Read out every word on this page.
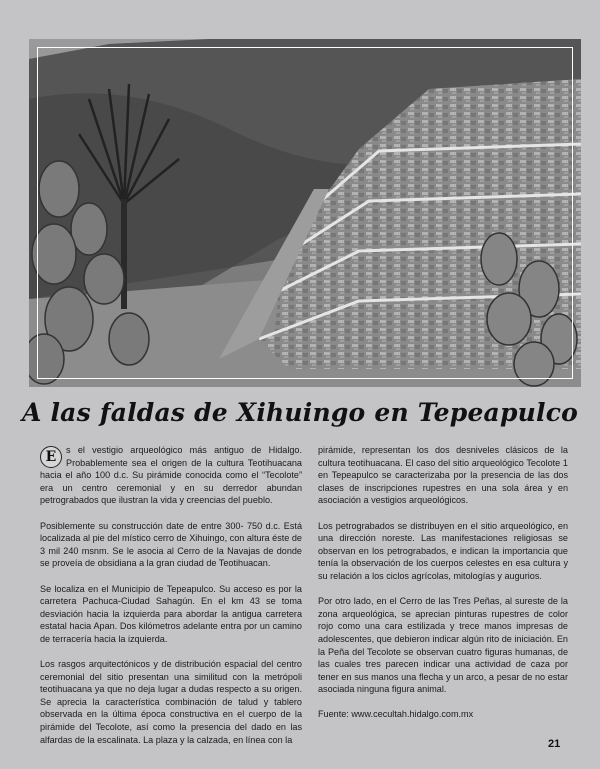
A las faldas de Xihuingo en Tepeapulco

E	s el vestigio arqueológico más antiguo de Hidalgo. Probablemente sea el origen de la cultura Teotihuacana hacia el año 100 d.c. Su pirámide conocida como el “Tecolote” era un centro ceremonial y en su derredor abundan petrograbados que ilustran la vida y creencias del pueblo.

Posiblemente su construcción date de entre 300- 750 d.c. Está localizada al pie del místico cerro de Xihuingo, con altura éste de 3 mil 240 msnm. Se le asocia al Cerro de la Navajas de donde se proveía de obsidiana a la gran ciudad de Teotihuacan.

Se localiza en el Municipio de Tepeapulco. Su acceso es por la carretera Pachuca-Ciudad Sahagún. En el km 43 se toma desviación hacia la izquierda para abordar la antigua carretera estatal hacia Apan. Dos kilómetros adelante entra por un camino de terracería hacia la izquierda.

Los rasgos arquitectónicos y de distribución espacial del centro ceremonial del sitio presentan una similitud con la metrópoli teotihuacana ya que no deja lugar a dudas respecto a su origen. Se aprecia la característica combinación de talud y tablero observada en la última época constructiva en el cuerpo de la pirámide del Tecolote, así como la presencia del dado en las alfardas de la escalinata. La plaza y la calzada, en línea con la

pirámide, representan los dos desniveles clásicos de la cultura teotihuacana. El caso del sitio arqueológico Tecolote 1 en Tepeapulco se caracterizaba por la presencia de las dos clases de inscripciones rupestres en una sola área y en asociación a vestigios arqueológicos.

Los petrograbados se distribuyen en el sitio arqueológico, en una dirección noreste. Las manifestaciones religiosas se observan en los petrograbados, e indican la importancia que tenía la observación de los cuerpos celestes en esa cultura y su relación a los ciclos agrícolas, mitologías y augurios.

Por otro lado, en el Cerro de las Tres Peñas, al sureste de la zona arqueológica, se aprecian pinturas rupestres de color rojo como una cara estilizada y trece manos impresas de adolescentes, que debieron indicar algún rito de iniciación. En la Peña del Tecolote se observan cuatro figuras humanas, de las cuales tres parecen indicar una actividad de caza por tener en sus manos una flecha y un arco, a pesar de no estar asociada ninguna figura animal.

Fuente: www.cecultah.hidalgo.com.mx

21
